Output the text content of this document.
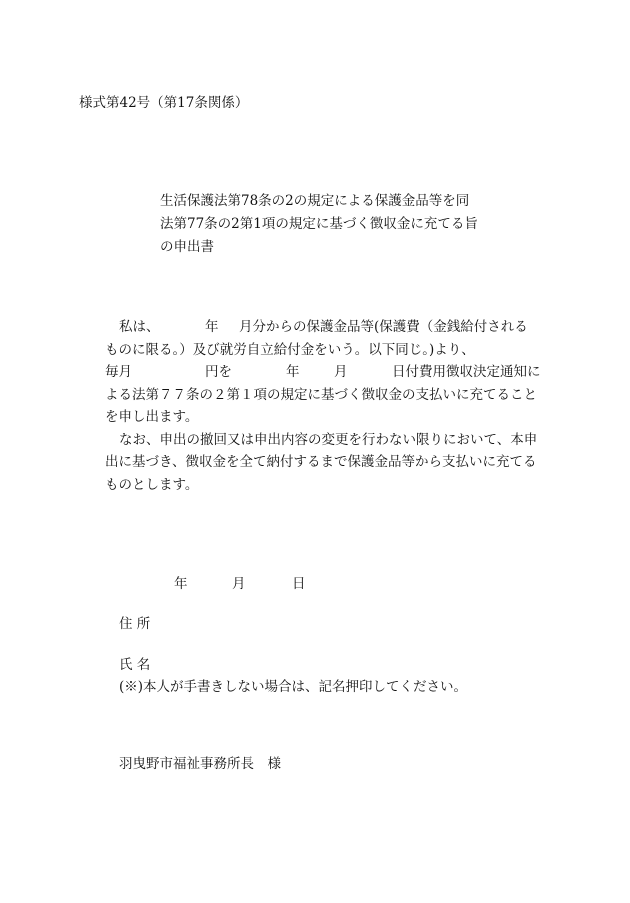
様式第42号（第17条関係）
生活保護法第78条の2の規定による保護金品等を同
法第77条の2第1項の規定に基づく徴収金に充てる旨
の申出書
私は、	年 月分からの保護金品等(保護費（金銭給付される
ものに限る。）及び就労自立給付金をいう。以下同じ。)より、
毎月	円を	年	月	日付費用徴収決定通知に
よる法第７７条の２第１項の規定に基づく徴収金の支払いに充てること
を申し出ます。
なお、申出の撤回又は申出内容の変更を行わない限りにおいて、本申
出に基づき、徴収金を全て納付するまで保護金品等から支払いに充てる
ものとします。
年	月	日
住 所
氏 名
(※)本人が手書きしない場合は、記名押印してください。
羽曳野市福祉事務所長　様
